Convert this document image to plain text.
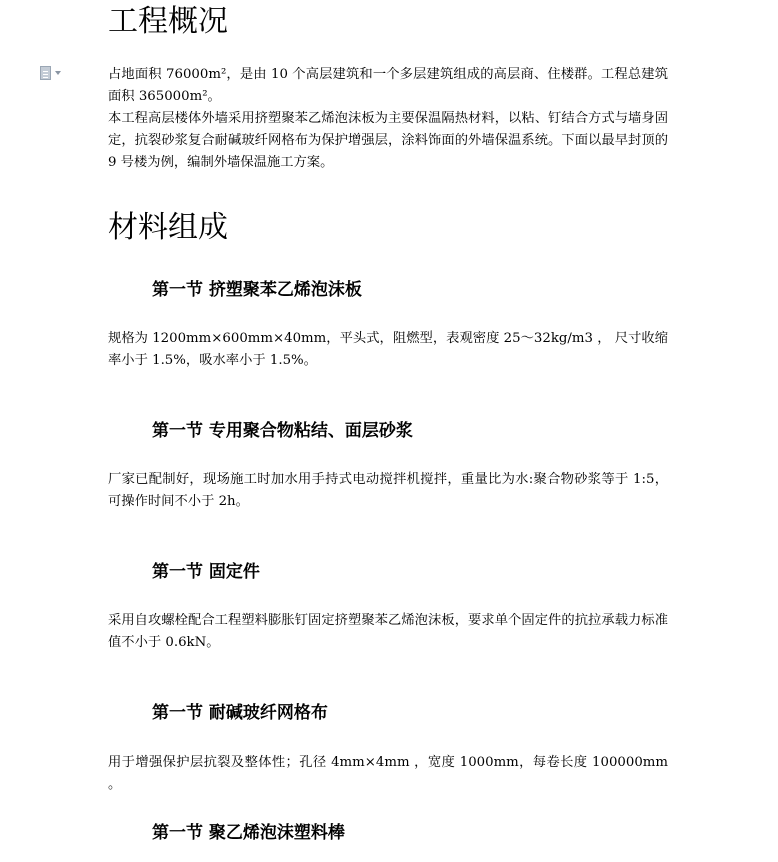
工程概况

占地面积 76000m²，是由 10 个高层建筑和一个多层建筑组成的高层商、住楼群。工程总建筑面积 365000m²。

本工程高层楼体外墙采用挤塑聚苯乙烯泡沫板为主要保温隔热材料，以粘、钉结合方式与墙身固定，抗裂砂浆复合耐碱玻纤网格布为保护增强层，涂料饰面的外墙保温系统。下面以最早封顶的 9 号楼为例，编制外墙保温施工方案。

材料组成
第一节 挤塑聚苯乙烯泡沫板

规格为 1200mm×600mm×40mm，平头式，阻燃型，表观密度 25～32kg/m3 ， 尺寸收缩率小于 1.5%，吸水率小于 1.5%。

第一节 专用聚合物粘结、面层砂浆

厂家已配制好，现场施工时加水用手持式电动搅拌机搅拌，重量比为水:聚合物砂浆等于 1:5，可操作时间不小于 2h。

第一节 固定件

采用自攻螺栓配合工程塑料膨胀钉固定挤塑聚苯乙烯泡沫板，要求单个固定件的抗拉承载力标准值不小于 0.6kN。

第一节 耐碱玻纤网格布

用于增强保护层抗裂及整体性；孔径 4mm×4mm ，宽度 1000mm，每卷长度 100000mm 。

第一节 聚乙烯泡沫塑料棒
